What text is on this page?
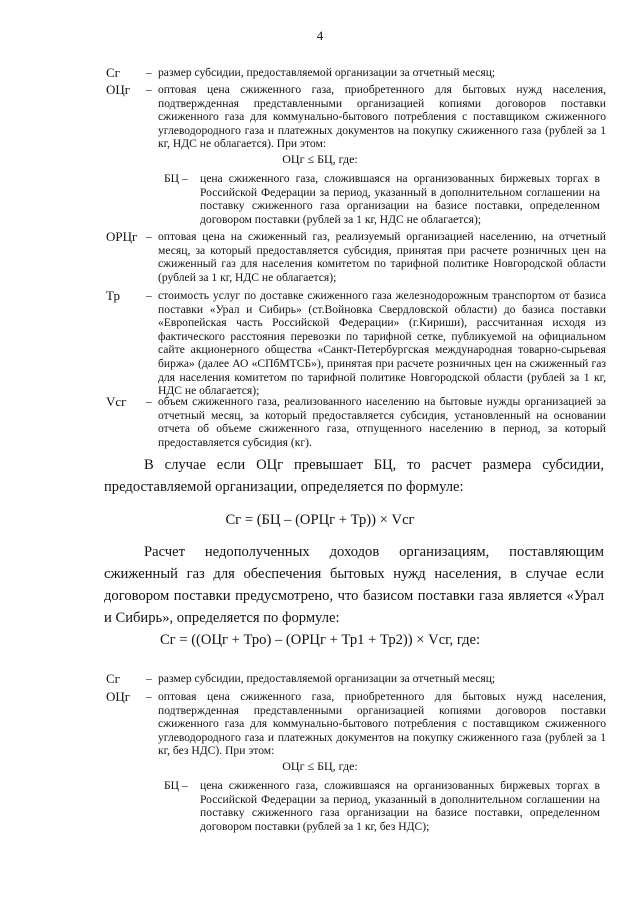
4
Сг	– размер субсидии, предоставляемой организации за отчетный месяц;
ОЦг	– оптовая цена сжиженного газа, приобретенного для бытовых нужд населения, подтвержденная представленными организацией копиями договоров поставки сжиженного газа для коммунально-бытового потребления с поставщиком сжиженного углеводородного газа и платежных документов на покупку сжиженного газа (рублей за 1 кг, НДС не облагается). При этом:
ОЦг ≤ БЦ, где:
БЦ – цена сжиженного газа, сложившаяся на организованных биржевых торгах в Российской Федерации за период, указанный в дополнительном соглашении на поставку сжиженного газа организации на базисе поставки, определенном договором поставки (рублей за 1 кг, НДС не облагается);
ОРЦг – оптовая цена на сжиженный газ, реализуемый организацией населению, на отчетный месяц, за который предоставляется субсидия, принятая при расчете розничных цен на сжиженный газ для населения комитетом по тарифной политике Новгородской области (рублей за 1 кг, НДС не облагается);
Тр	– стоимость услуг по доставке сжиженного газа железнодорожным транспортом от базиса поставки «Урал и Сибирь» (ст.Войновка Свердловской области) до базиса поставки «Европейская часть Российской Федерации» (г.Кириши), рассчитанная исходя из фактического расстояния перевозки по тарифной сетке, публикуемой на официальном сайте акционерного общества «Санкт-Петербургская международная товарно-сырьевая биржа» (далее АО «СПбМТСБ»), принятая при расчете розничных цен на сжиженный газ для населения комитетом по тарифной политике Новгородской области (рублей за 1 кг, НДС не облагается);
Vсг	– объем сжиженного газа, реализованного населению на бытовые нужды организацией за отчетный месяц, за который предоставляется субсидия, установленный на основании отчета об объеме сжиженного газа, отпущенного населению в период, за который предоставляется субсидия (кг).
В случае если ОЦг превышает БЦ, то расчет размера субсидии, предоставляемой организации, определяется по формуле:
Сг = (БЦ – (ОРЦг + Тр)) × Vсг
Расчет недополученных доходов организациям, поставляющим сжиженный газ для обеспечения бытовых нужд населения, в случае если договором поставки предусмотрено, что базисом поставки газа является «Урал и Сибирь», определяется по формуле:
Сг = ((ОЦг + Тро) – (ОРЦг + Тр1 + Тр2)) × Vсг, где:
Сг	– размер субсидии, предоставляемой организации за отчетный месяц;
ОЦг	– оптовая цена сжиженного газа, приобретенного для бытовых нужд населения, подтвержденная представленными организацией копиями договоров поставки сжиженного газа для коммунально-бытового потребления с поставщиком сжиженного углеводородного газа и платежных документов на покупку сжиженного газа (рублей за 1 кг, без НДС). При этом:
ОЦг ≤ БЦ, где:
БЦ – цена сжиженного газа, сложившаяся на организованных биржевых торгах в Российской Федерации за период, указанный в дополнительном соглашении на поставку сжиженного газа организации на базисе поставки, определенном договором поставки (рублей за 1 кг, без НДС);
